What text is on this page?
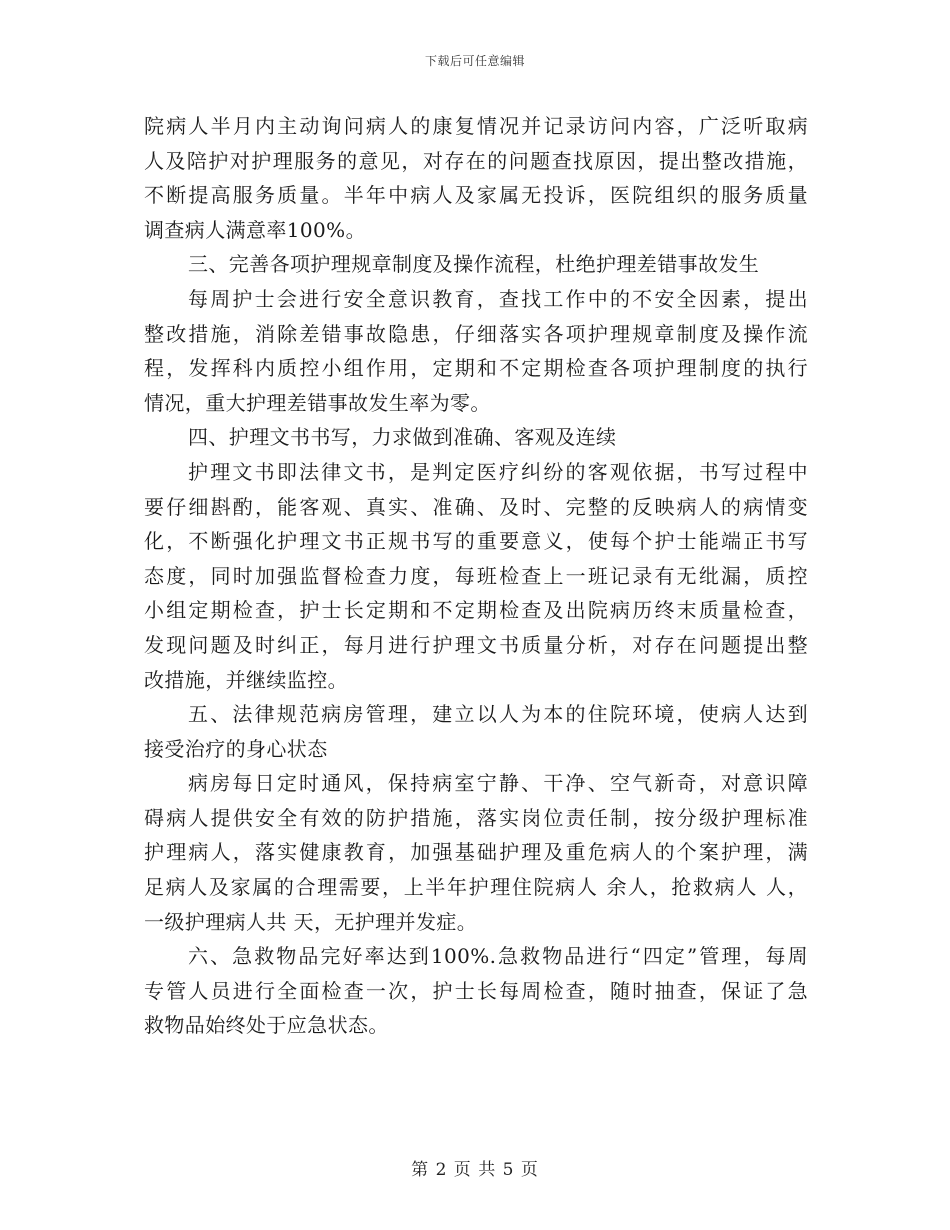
下载后可任意编辑
院病人半月内主动询问病人的康复情况并记录访问内容，广泛听取病
人及陪护对护理服务的意见，对存在的问题查找原因，提出整改措施，
不断提高服务质量。半年中病人及家属无投诉，医院组织的服务质量
调查病人满意率100%。
三、完善各项护理规章制度及操作流程，杜绝护理差错事故发生
每周护士会进行安全意识教育，查找工作中的不安全因素，提出
整改措施，消除差错事故隐患，仔细落实各项护理规章制度及操作流
程，发挥科内质控小组作用，定期和不定期检查各项护理制度的执行
情况，重大护理差错事故发生率为零。
四、护理文书书写，力求做到准确、客观及连续
护理文书即法律文书，是判定医疗纠纷的客观依据，书写过程中
要仔细斟酌，能客观、真实、准确、及时、完整的反映病人的病情变
化，不断强化护理文书正规书写的重要意义，使每个护士能端正书写
态度，同时加强监督检查力度，每班检查上一班记录有无纰漏，质控
小组定期检查，护士长定期和不定期检查及出院病历终末质量检查，
发现问题及时纠正，每月进行护理文书质量分析，对存在问题提出整
改措施，并继续监控。
五、法律规范病房管理，建立以人为本的住院环境，使病人达到
接受治疗的身心状态
病房每日定时通风，保持病室宁静、干净、空气新奇，对意识障
碍病人提供安全有效的防护措施，落实岗位责任制，按分级护理标准
护理病人，落实健康教育，加强基础护理及重危病人的个案护理，满
足病人及家属的合理需要，上半年护理住院病人 余人，抢救病人 人，
一级护理病人共 天，无护理并发症。
六、急救物品完好率达到100%.急救物品进行“四定”管理，每周
专管人员进行全面检查一次，护士长每周检查，随时抽查，保证了急
救物品始终处于应急状态。
第 2 页 共 5 页
